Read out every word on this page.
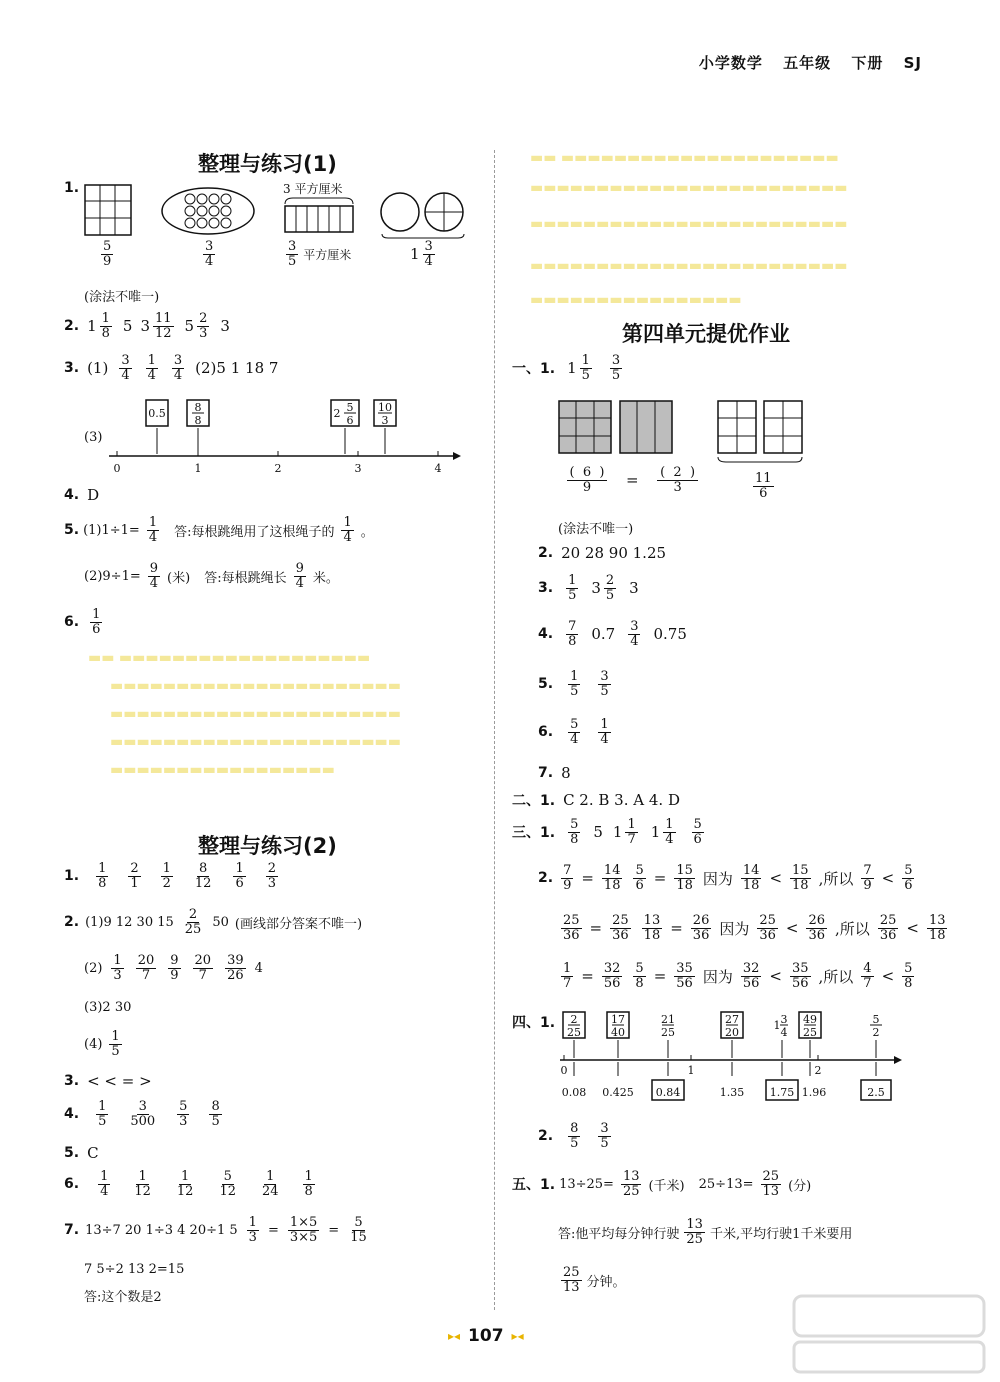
小学数学 五年级 下册 SJ
整理与练习(1)
1.
$\frac{5}{9}$	$\frac{3}{4}$
3 平方厘米
3
5 平方厘米	1 3
4
(涂法不唯一)
2. 1 1
8 5 3 11
12 5 2
3 3
3. (1) 3
4
1
4
3
4 (2)5 1 18 7
(3)
0.5	8
8
2 5
6
10
3
0	1	2	3	4
4. D
5. $(1)1\div 1= \frac{1}{4}$ 答:每根跳绳用了这根绳子的
1
4 。
$(2)9\div 1= \frac{9}{4}$ (米) 答:每根跳绳长
9
4 米。
6. 1
6
▬▬ ▬▬▬▬▬▬▬▬▬▬▬▬▬▬▬▬▬▬▬
▬▬▬▬▬▬▬▬▬▬▬▬▬▬▬▬▬▬▬▬▬▬
▬▬▬▬▬▬▬▬▬▬▬▬▬▬▬▬▬▬▬▬▬▬
▬▬▬▬▬▬▬▬▬▬▬▬▬▬▬▬▬▬▬▬▬▬
▬▬▬▬▬▬▬▬▬▬▬▬▬▬▬▬▬
整理与练习(2)
1. 1
8
2
1
1
2
8
12
1
6
2
3
2. (1)9 12 30 15
2
25 50 (画线部分答案不唯一)
(2)
1
3
20
7
9
9
20
7
39
26 4
(3)2 30
(4)
1
5
3. < < = >
4. 1
5
3
500
5
3
8
5
5. C
6. 1
4
1
12
1
12
5
12
1
24
1
8
7. 13÷7 20 1÷3 4 20÷1 5
1
3 =
1×5
3×5 =
5
15
7 5÷2 13 2=15
答:这个数是2
▬▬ ▬▬▬▬▬▬▬▬▬▬▬▬▬▬▬▬▬▬▬▬▬
▬▬▬▬▬▬▬▬▬▬▬▬▬▬▬▬▬▬▬▬▬▬▬▬
▬▬▬▬▬▬▬▬▬▬▬▬▬▬▬▬▬▬▬▬▬▬▬▬
▬▬▬▬▬▬▬▬▬▬▬▬▬▬▬▬▬▬▬▬▬▬▬▬
▬▬▬▬▬▬▬▬▬▬▬▬▬▬▬▬
第四单元提优作业
一、1. 1 1
5
3
5
$\frac{( 6 )}{9} = \frac{( 2 )}{3}$	$\frac{11}{6}$
(涂法不唯一)
2. 20 28 90 1.25
3. 1
5 3 2
5 3
4. 7
8 0.7 3
4 0.75
5. 1
5
3
5
6. 5
4
1
4
7. 8
二、1. C 2. B 3. A 4. D
三、1.
5
8 5 1 1
7 1 1
4
5
6
2. 7
9 = 14
18
5
6 = 15
18 因为 14
18 < 15
18 ,所以 7
9 < 5
6
25
36 = 25
36
13
18 = 26
36 因为 25
36 < 26
36 ,所以 25
36 < 13
18
1
7 = 32
56
5
8 = 35
56 因为 32
56 < 35
56 ,所以 4
7 < 5
8
四、1. 2
25
17
40
21
25
27
20
1 3
4
49
25
5
2
0	1	2
0.08 0.425 0.84	1.35 1.75 1.96	2.5
2. 8
5
3
5
五、1. $13\div 25= \frac{13}{25}$ (千米) $25\div 13= \frac{25}{13}$ (分)
答:他平均每分钟行驶
13
25 千米,平均行驶1千米要用
25
13 分钟。
▸◂ 107 ▸◂
